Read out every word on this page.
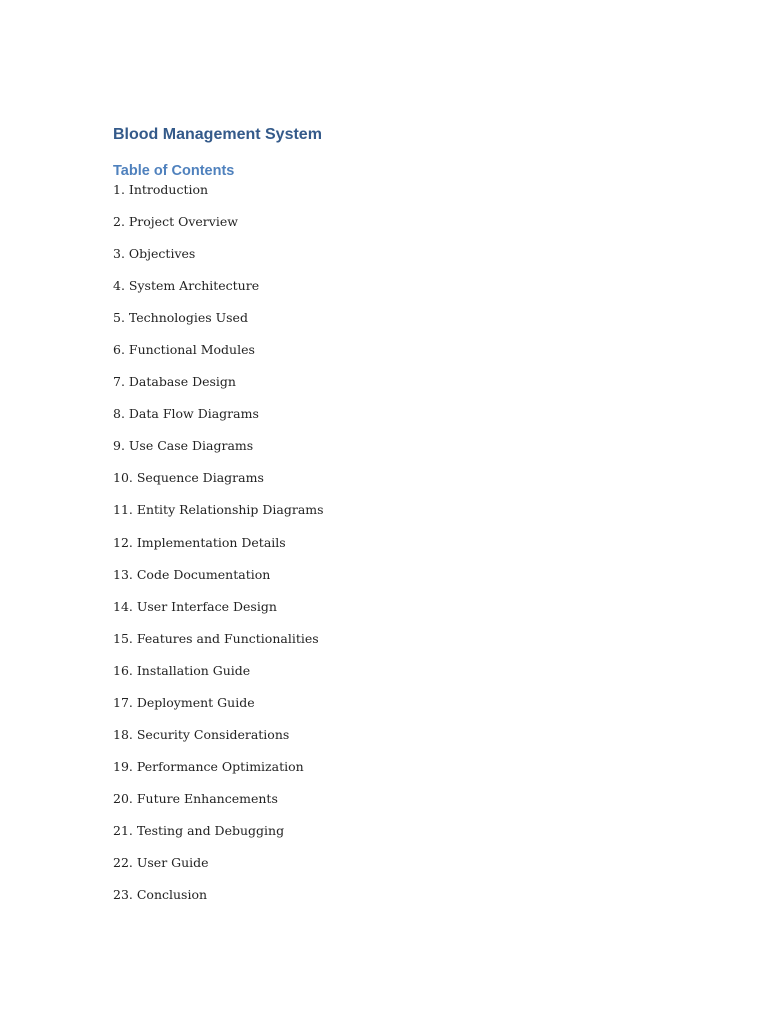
Blood Management System
Table of Contents
1. Introduction
2. Project Overview
3. Objectives
4. System Architecture
5. Technologies Used
6. Functional Modules
7. Database Design
8. Data Flow Diagrams
9. Use Case Diagrams
10. Sequence Diagrams
11. Entity Relationship Diagrams
12. Implementation Details
13. Code Documentation
14. User Interface Design
15. Features and Functionalities
16. Installation Guide
17. Deployment Guide
18. Security Considerations
19. Performance Optimization
20. Future Enhancements
21. Testing and Debugging
22. User Guide
23. Conclusion
